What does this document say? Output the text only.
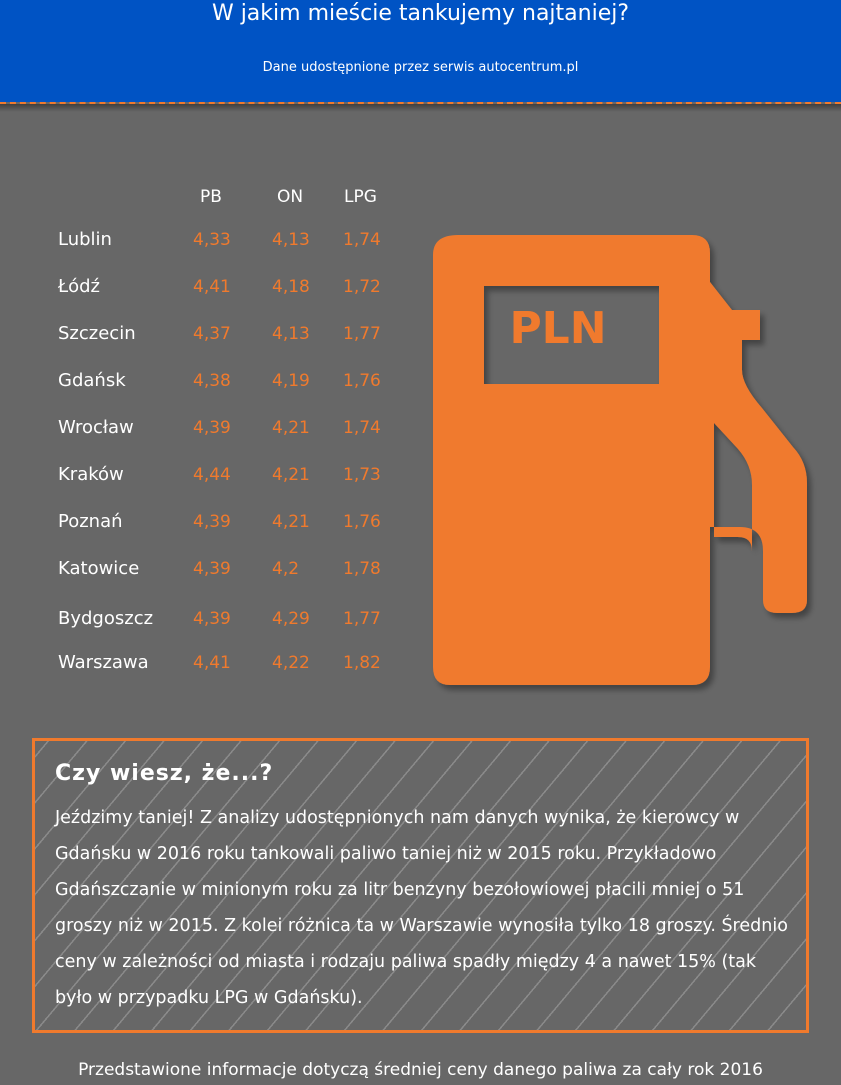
W jakim mieście tankujemy najtaniej?
Dane udostępnione przez serwis autocentrum.pl
PB	ON LPG
Lublin	4,33 4,13 1,74
Łódź	4,41 4,18 1,72
Szczecin	4,37 4,13 1,77
Gdańsk	4,38 4,19 1,76
Wrocław	4,39 4,21 1,74
Kraków	4,44 4,21 1,73
Poznań	4,39 4,21 1,76
Katowice	4,39 4,2	1,78
Bydgoszcz 4,39 4,29 1,77
Warszawa	4,41 4,22 1,82
PLN
Czy wiesz, że...?
Jeździmy taniej! Z analizy udostępnionych nam danych wynika, że kierowcy w Gdańsku w 2016 roku tankowali paliwo taniej niż w 2015 roku. Przykładowo Gdańszczanie w minionym roku za litr benzyny bezołowiowej płacili mniej o 51 groszy niż w 2015. Z kolei różnica ta w Warszawie wynosiła tylko 18 groszy. Średnio ceny w zależności od miasta i rodzaju paliwa spadły między 4 a nawet 15% (tak było w przypadku LPG w Gdańsku).
Przedstawione informacje dotyczą średniej ceny danego paliwa za cały rok 2016
